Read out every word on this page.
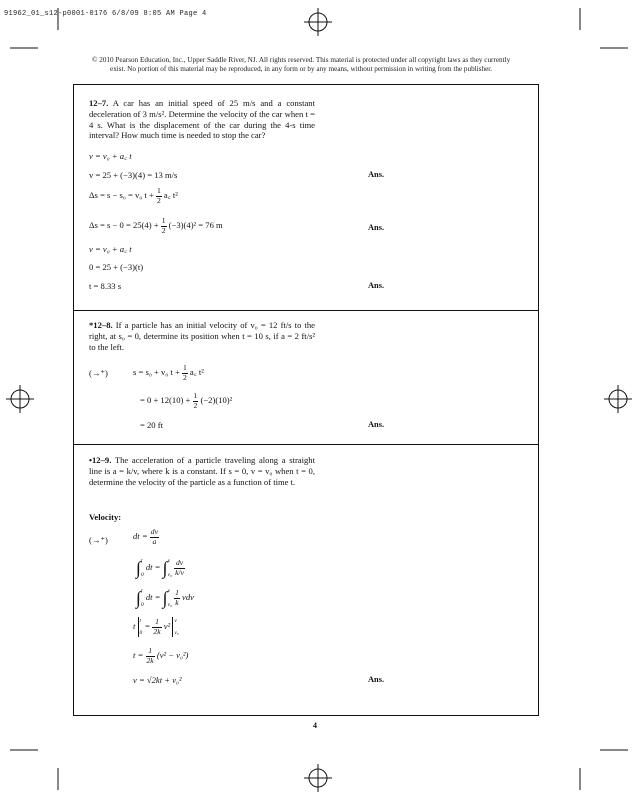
91962_01_s12-p0001-0176 6/8/09 8:05 AM Page 4
© 2010 Pearson Education, Inc., Upper Saddle River, NJ. All rights reserved. This material is protected under all copyright laws as they currently
exist. No portion of this material may be reproduced, in any form or by any means, without permission in writing from the publisher.
12–7. A car has an initial speed of 25 m/s and a constant deceleration of 3 m/s². Determine the velocity of the car when t = 4 s. What is the displacement of the car during the 4-s time interval? How much time is needed to stop the car?
v = v₀ + a꜀ t
v = 25 + (−3)(4) = 13 m/s	Ans.
Δs = s − s₀ = v₀ $t + \frac{1}{2}$ a꜀ t²
$\Delta s = s - 0 = 25(4) + \frac{1}{2} (-3)(4)^2 = 76$ m	Ans.
v = v₀ + a꜀ t
0 = 25 + (−3)(t)
t = 8.33 s	Ans.
*12–8. If a particle has an initial velocity of v₀ = 12 ft/s to the right, at s₀ = 0, determine its position when t = 10 s, if a = 2 ft/s² to the left.
(→⁺)	s = s₀ + v₀ $t + \frac{1}{2}$ a꜀ t²
= $0 + 12(10) + \frac{1}{2} (-2)(10)^2$
= 20 ft	Ans.
•12–9. The acceleration of a particle traveling along a straight line is a = k/v, where k is a constant. If s = 0, v = v₀ when t = 0, determine the velocity of the particle as a function of time t.
Velocity:
(→⁺)	dt = $\frac{dv}{a}$
∫ t
0
dt = ∫ v
v₀
$\frac{dv}{k/v}$
∫ t
0
dt = ∫ v
v₀
$\frac{1}{k}$ vdv
t t
0
= $\frac{1}{2k} v^2$ v
v₀
$t = \frac{1}{2k} (v^2 - v_0^2)$
v = √2kt + v₀²	Ans.
4
